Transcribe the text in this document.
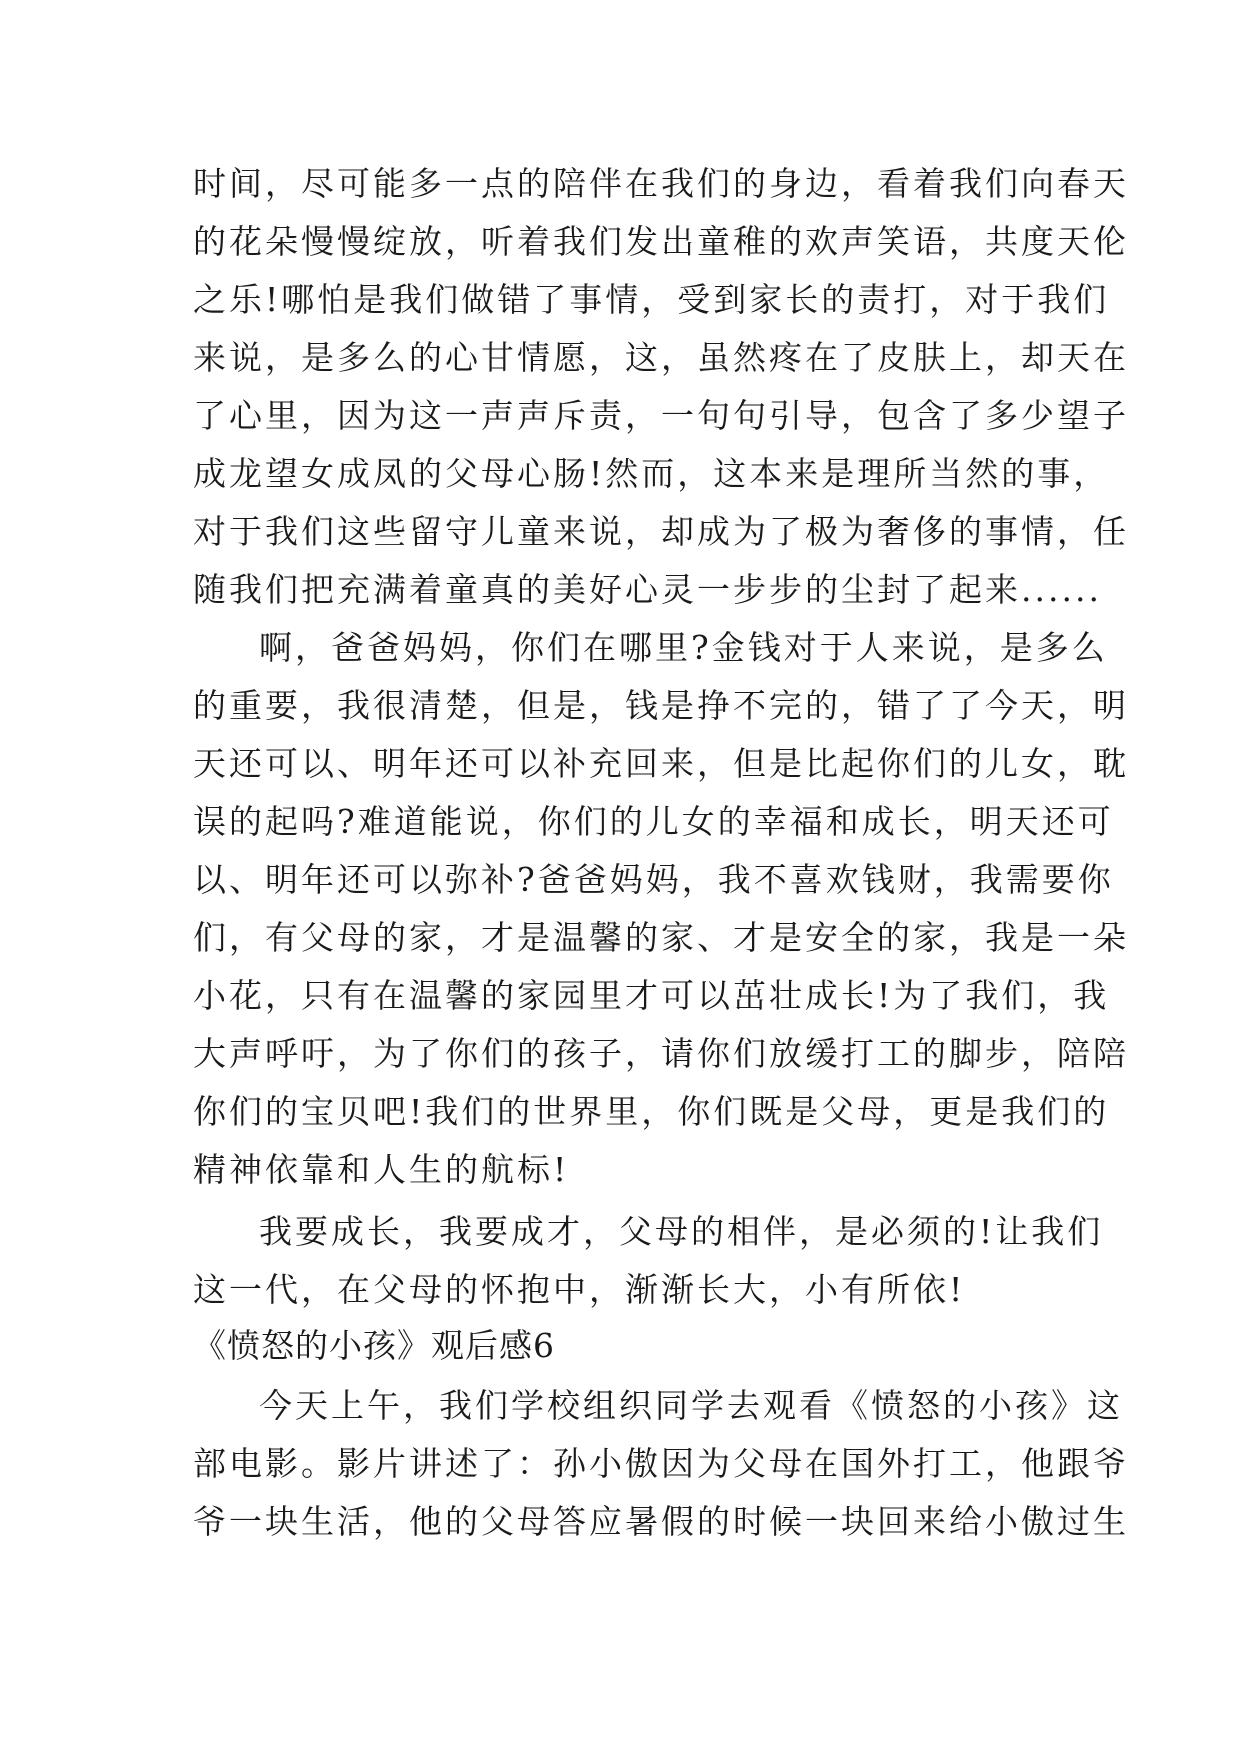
时间，尽可能多一点的陪伴在我们的身边，看着我们向春天
的花朵慢慢绽放，听着我们发出童稚的欢声笑语，共度天伦
之乐!哪怕是我们做错了事情，受到家长的责打，对于我们
来说，是多么的心甘情愿，这，虽然疼在了皮肤上，却天在
了心里，因为这一声声斥责，一句句引导，包含了多少望子
成龙望女成凤的父母心肠!然而，这本来是理所当然的事，
对于我们这些留守儿童来说，却成为了极为奢侈的事情，任
随我们把充满着童真的美好心灵一步步的尘封了起来......
啊，爸爸妈妈，你们在哪里?金钱对于人来说，是多么
的重要，我很清楚，但是，钱是挣不完的，错了了今天，明
天还可以、明年还可以补充回来，但是比起你们的儿女，耽
误的起吗?难道能说，你们的儿女的幸福和成长，明天还可
以、明年还可以弥补?爸爸妈妈，我不喜欢钱财，我需要你
们，有父母的家，才是温馨的家、才是安全的家，我是一朵
小花，只有在温馨的家园里才可以茁壮成长!为了我们，我
大声呼吁，为了你们的孩子，请你们放缓打工的脚步，陪陪
你们的宝贝吧!我们的世界里，你们既是父母，更是我们的
精神依靠和人生的航标!
我要成长，我要成才，父母的相伴，是必须的!让我们
这一代，在父母的怀抱中，渐渐长大，小有所依!
《愤怒的小孩》观后感6
今天上午，我们学校组织同学去观看《愤怒的小孩》这
部电影。影片讲述了：孙小傲因为父母在国外打工，他跟爷
爷一块生活，他的父母答应暑假的时候一块回来给小傲过生
